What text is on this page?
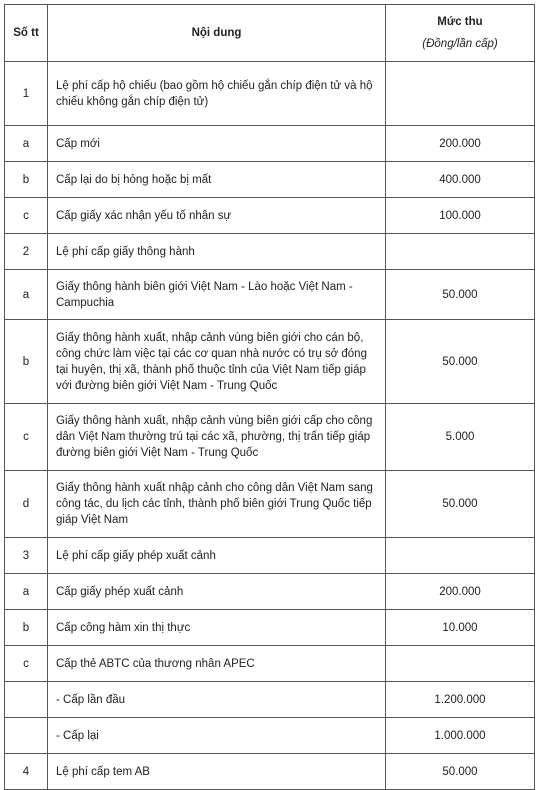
Số tt	Nội dung	Mức thu
(Đồng/lần cấp)

1	Lệ phí cấp hộ chiếu (bao gồm hộ chiếu gắn chíp điện tử và hộ chiếu không gắn chíp điện tử)	
a	Cấp mới	200.000
b	Cấp lại do bị hỏng hoặc bị mất	400.000
c	Cấp giấy xác nhận yếu tố nhân sự	100.000
2	Lệ phí cấp giấy thông hành	
a	Giấy thông hành biên giới Việt Nam - Lào hoặc Việt Nam - Campuchia	50.000
b	Giấy thông hành xuất, nhập cảnh vùng biên giới cho cán bộ, công chức làm việc tại các cơ quan nhà nước có trụ sở đóng tại huyện, thị xã, thành phố thuộc tỉnh của Việt Nam tiếp giáp với đường biên giới Việt Nam - Trung Quốc	50.000
c	Giấy thông hành xuất, nhập cảnh vùng biên giới cấp cho công dân Việt Nam thường trú tại các xã, phường, thị trấn tiếp giáp đường biên giới Việt Nam - Trung Quốc	5.000
d	Giấy thông hành xuất nhập cảnh cho công dân Việt Nam sang công tác, du lịch các tỉnh, thành phố biên giới Trung Quốc tiếp giáp Việt Nam	50.000
3	Lệ phí cấp giấy phép xuất cảnh	
a	Cấp giấy phép xuất cảnh	200.000
b	Cấp công hàm xin thị thực	10.000
c	Cấp thẻ ABTC của thương nhân APEC	
	- Cấp lần đầu	1.200.000
	- Cấp lại	1.000.000
4	Lệ phí cấp tem AB	50.000
